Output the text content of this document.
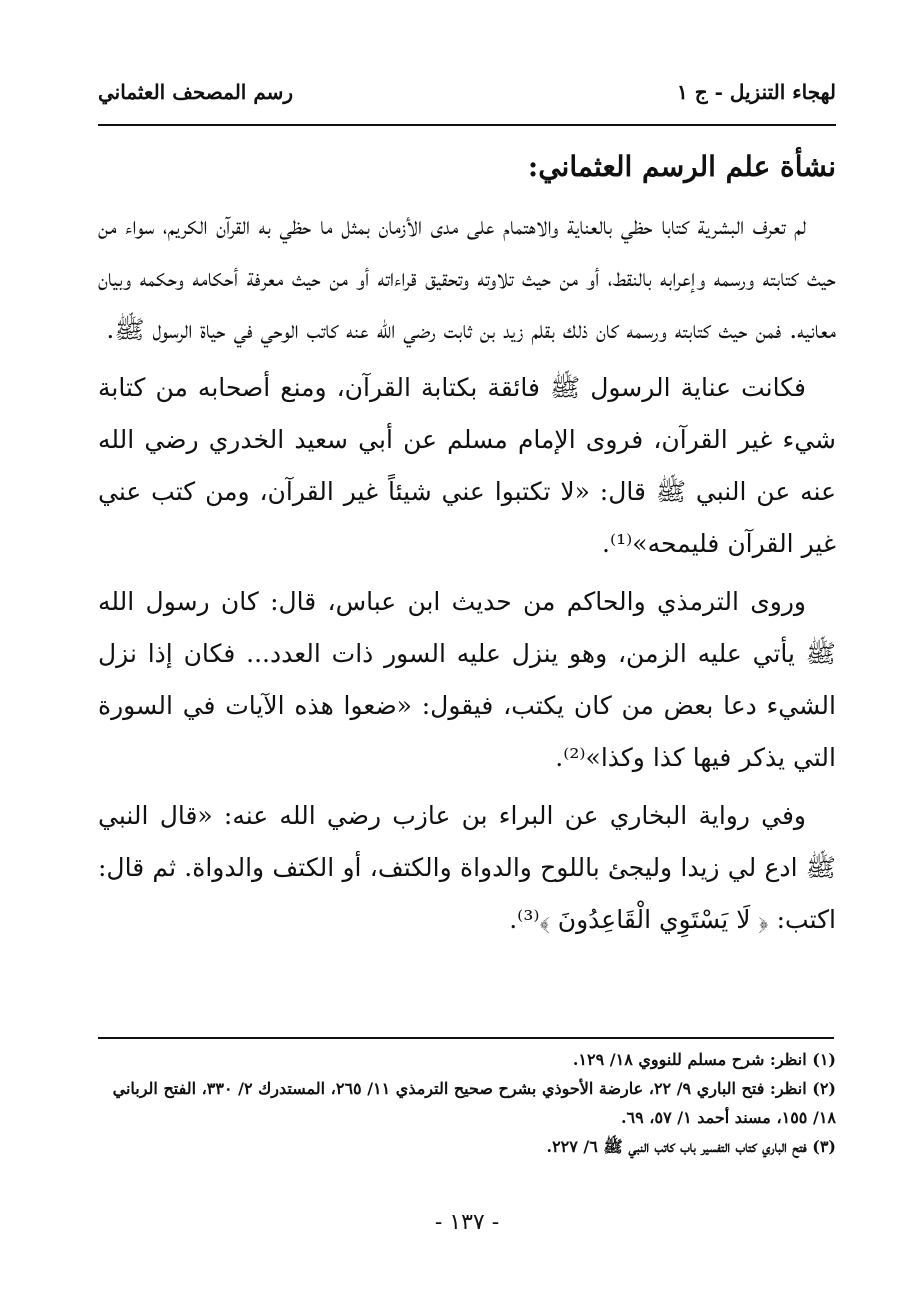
لهجاء التنزيل - ج ١
رسم المصحف العثماني
نشأة علم الرسم العثماني:

لم تعرف البشرية كتابا حظي بالعناية والاهتمام على مدى الأزمان بمثل ما حظي به القرآن الكريم، سواء من حيث كتابته ورسمه وإعرابه بالنقط، أو من حيث تلاوته وتحقيق قراءاته أو من حيث معرفة أحكامه وحكمه وبيان معانيه. فمن حيث كتابته ورسمه كان ذلك بقلم زيد بن ثابت رضي الله عنه كاتب الوحي في حياة الرسول ﷺ.

فكانت عناية الرسول ﷺ فائقة بكتابة القرآن، ومنع أصحابه من كتابة شيء غير القرآن، فروى الإمام مسلم عن أبي سعيد الخدري رضي الله عنه عن النبي ﷺ قال: «لا تكتبوا عني شيئاً غير القرآن، ومن كتب عني غير القرآن فليمحه»⁽¹⁾.

وروى الترمذي والحاكم من حديث ابن عباس، قال: كان رسول الله ﷺ يأتي عليه الزمن، وهو ينزل عليه السور ذات العدد... فكان إذا نزل الشيء دعا بعض من كان يكتب، فيقول: «ضعوا هذه الآيات في السورة التي يذكر فيها كذا وكذا»⁽²⁾.

وفي رواية البخاري عن البراء بن عازب رضي الله عنه: «قال النبي ﷺ ادع لي زيدا وليجئ باللوح والدواة والكتف، أو الكتف والدواة. ثم قال: اكتب: ﴿ لَا يَسْتَوِي الْقَاعِدُونَ ﴾⁽³⁾.

(١) انظر: شرح مسلم للنووي ١٨/ ١٢٩.

(٢) انظر: فتح الباري ٩/ ٢٢، عارضة الأحوذي بشرح صحيح الترمذي ١١/ ٢٦٥، المستدرك ٢/ ٣٣٠، الفتح الرباني ١٨/ ١٥٥، مسند أحمد ١/ ٥٧، ٦٩.

(٣) فتح الباري كتاب التفسير باب كاتب النبي ﷺ ٦/ ٢٢٧.

- ١٣٧ -
